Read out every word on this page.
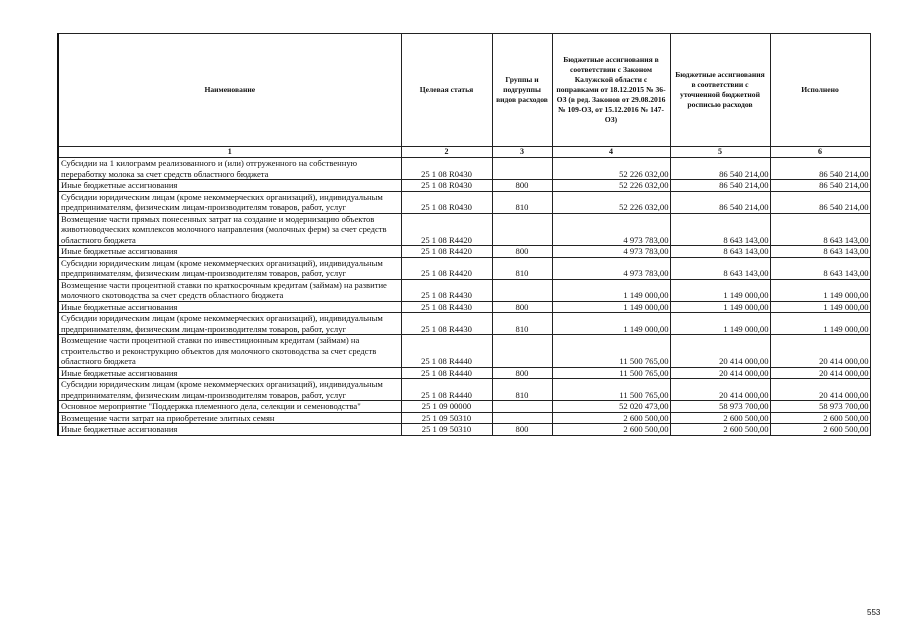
Наименование	Целевая статья	Группы и подгруппы видов расходов	Бюджетные ассигнования в соответствии с Законом Калужской области с поправками от 18.12.2015 № 36-ОЗ (в ред. Законов от 29.08.2016 № 109-ОЗ, от 15.12.2016 № 147-ОЗ)	Бюджетные ассигнования в соответствии с уточненной бюджетной росписью расходов	Исполнено
1	2	3	4	5	6
Субсидии на 1 килограмм реализованного и (или) отгруженного на собственную переработку молока за счет средств областного бюджета	25 1 08 R0430		52 226 032,00	86 540 214,00	86 540 214,00
Иные бюджетные ассигнования	25 1 08 R0430	800	52 226 032,00	86 540 214,00	86 540 214,00
Субсидии юридическим лицам (кроме некоммерческих организаций), индивидуальным предпринимателям, физическим лицам-производителям товаров, работ, услуг	25 1 08 R0430	810	52 226 032,00	86 540 214,00	86 540 214,00
Возмещение части прямых понесенных затрат на создание и модернизацию объектов животноводческих комплексов молочного направления (молочных ферм) за счет средств областного бюджета	25 1 08 R4420		4 973 783,00	8 643 143,00	8 643 143,00
Иные бюджетные ассигнования	25 1 08 R4420	800	4 973 783,00	8 643 143,00	8 643 143,00
Субсидии юридическим лицам (кроме некоммерческих организаций), индивидуальным предпринимателям, физическим лицам-производителям товаров, работ, услуг	25 1 08 R4420	810	4 973 783,00	8 643 143,00	8 643 143,00
Возмещение части процентной ставки по краткосрочным кредитам (займам) на развитие молочного скотоводства за счет средств областного бюджета	25 1 08 R4430		1 149 000,00	1 149 000,00	1 149 000,00
Иные бюджетные ассигнования	25 1 08 R4430	800	1 149 000,00	1 149 000,00	1 149 000,00
Субсидии юридическим лицам (кроме некоммерческих организаций), индивидуальным предпринимателям, физическим лицам-производителям товаров, работ, услуг	25 1 08 R4430	810	1 149 000,00	1 149 000,00	1 149 000,00
Возмещение части процентной ставки по инвестиционным кредитам (займам) на строительство и реконструкцию объектов для молочного скотоводства за счет средств областного бюджета	25 1 08 R4440		11 500 765,00	20 414 000,00	20 414 000,00
Иные бюджетные ассигнования	25 1 08 R4440	800	11 500 765,00	20 414 000,00	20 414 000,00
Субсидии юридическим лицам (кроме некоммерческих организаций), индивидуальным предпринимателям, физическим лицам-производителям товаров, работ, услуг	25 1 08 R4440	810	11 500 765,00	20 414 000,00	20 414 000,00
Основное мероприятие "Поддержка племенного дела, селекции и семеноводства"	25 1 09 00000		52 020 473,00	58 973 700,00	58 973 700,00
Возмещение части затрат на приобретение элитных семян	25 1 09 50310		2 600 500,00	2 600 500,00	2 600 500,00
Иные бюджетные ассигнования	25 1 09 50310	800	2 600 500,00	2 600 500,00	2 600 500,00
553
